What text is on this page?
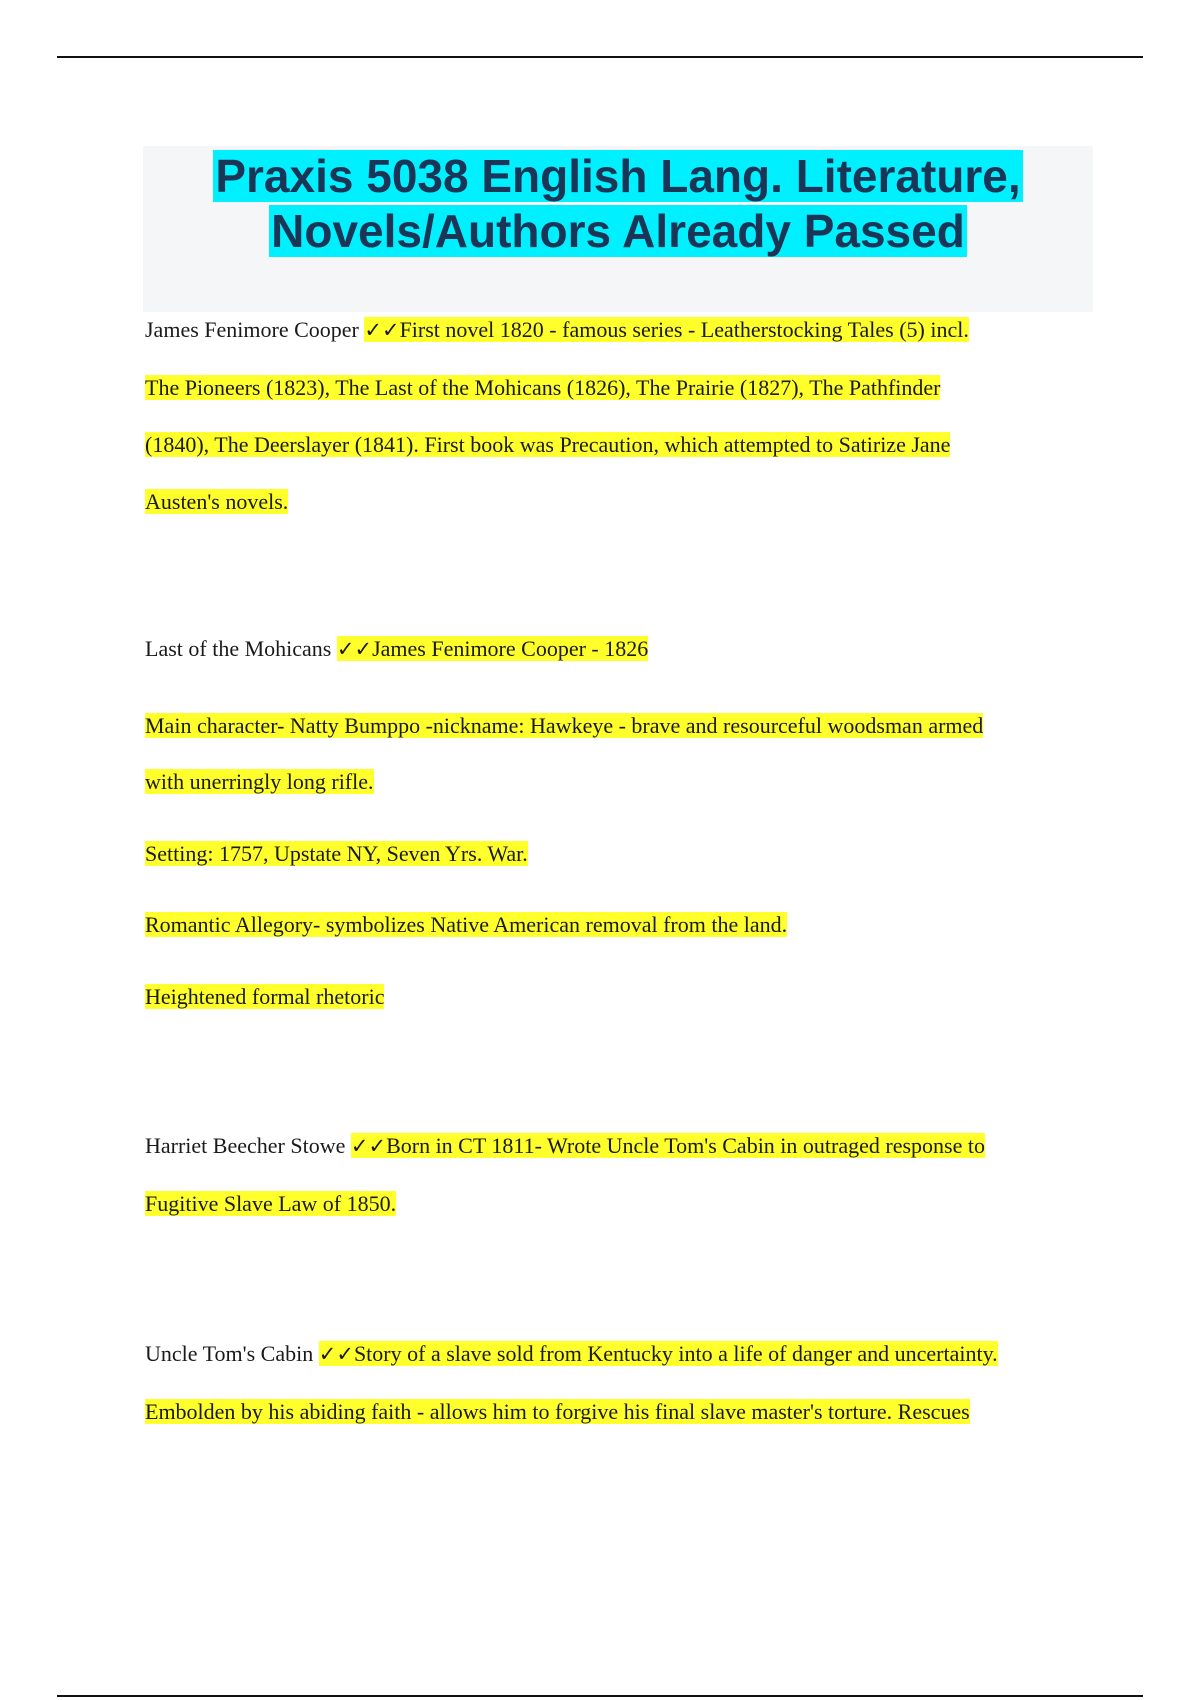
Praxis 5038 English Lang. Literature,
Novels/Authors Already Passed
James Fenimore Cooper ✓✓First novel 1820 - famous series - Leatherstocking Tales (5) incl.
The Pioneers (1823), The Last of the Mohicans (1826), The Prairie (1827), The Pathfinder
(1840), The Deerslayer (1841). First book was Precaution, which attempted to Satirize Jane
Austen's novels.
Last of the Mohicans ✓✓James Fenimore Cooper - 1826
Main character- Natty Bumppo -nickname: Hawkeye - brave and resourceful woodsman armed
with unerringly long rifle.
Setting: 1757, Upstate NY, Seven Yrs. War.
Romantic Allegory- symbolizes Native American removal from the land.
Heightened formal rhetoric
Harriet Beecher Stowe ✓✓Born in CT 1811- Wrote Uncle Tom's Cabin in outraged response to
Fugitive Slave Law of 1850.
Uncle Tom's Cabin ✓✓Story of a slave sold from Kentucky into a life of danger and uncertainty.
Embolden by his abiding faith - allows him to forgive his final slave master's torture. Rescues
